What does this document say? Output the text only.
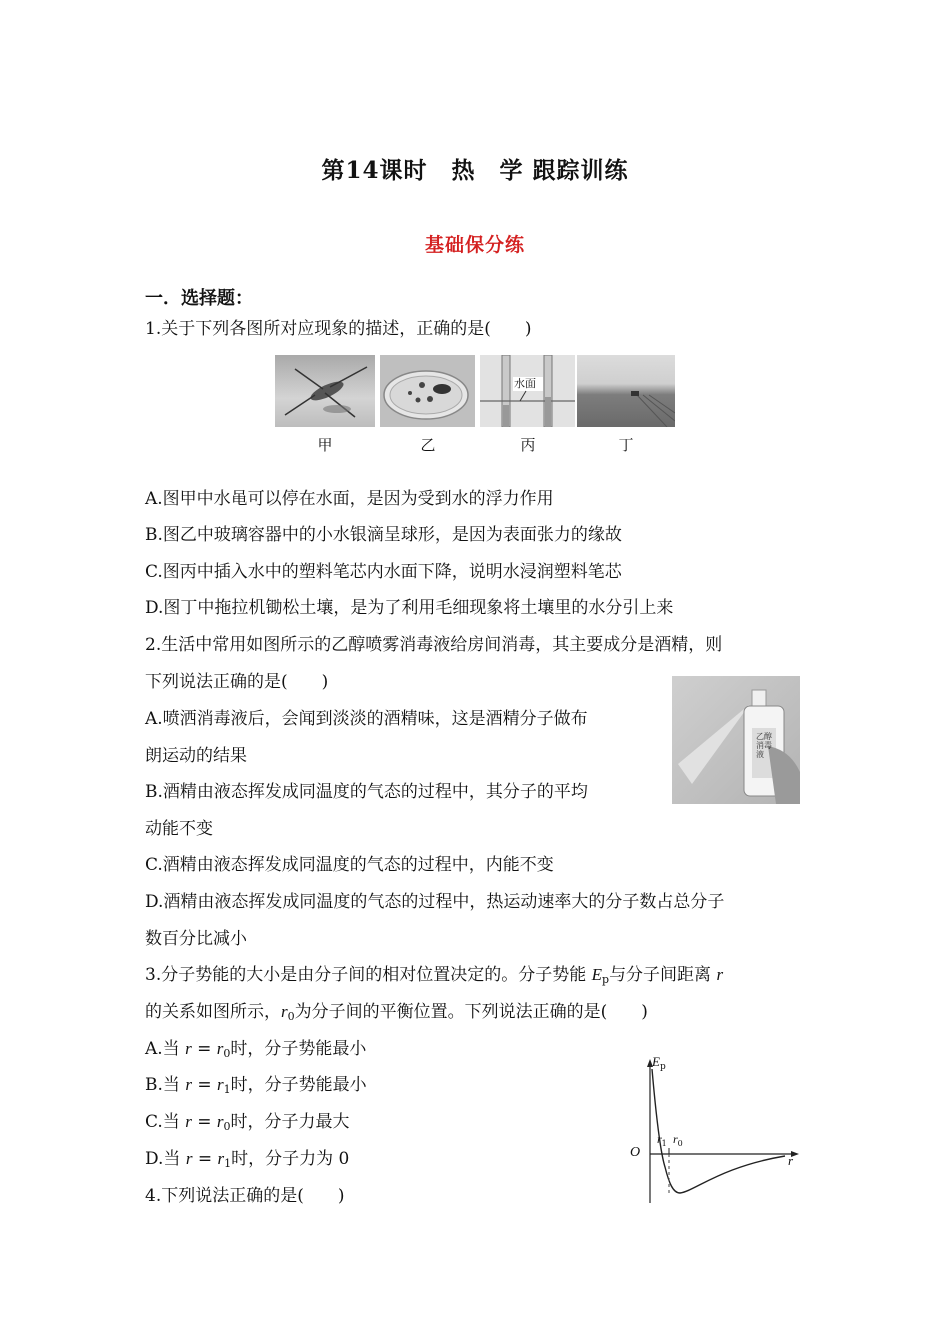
第14课时　热　学 跟踪训练
基础保分练
一．选择题：
1.关于下列各图所对应现象的描述，正确的是(　　)
水面
甲	乙	丙	丁
A.图甲中水黾可以停在水面，是因为受到水的浮力作用
B.图乙中玻璃容器中的小水银滴呈球形，是因为表面张力的缘故
C.图丙中插入水中的塑料笔芯内水面下降，说明水浸润塑料笔芯
D.图丁中拖拉机锄松土壤，是为了利用毛细现象将土壤里的水分引上来
2.生活中常用如图所示的乙醇喷雾消毒液给房间消毒，其主要成分是酒精，则
下列说法正确的是(　　)
乙醇消毒液
A.喷洒消毒液后，会闻到淡淡的酒精味，这是酒精分子做布
朗运动的结果
B.酒精由液态挥发成同温度的气态的过程中，其分子的平均
动能不变
C.酒精由液态挥发成同温度的气态的过程中，内能不变
D.酒精由液态挥发成同温度的气态的过程中，热运动速率大的分子数占总分子
数百分比减小
3.分子势能的大小是由分子间的相对位置决定的。分子势能 $E_p$与分子间距离 r
的关系如图所示，$r_0$为分子间的平衡位置。下列说法正确的是(　　)
A.当 $r = r_0$时，分子势能最小
B.当 $r = r_1$时，分子势能最小
C.当 $r = r_0$时，分子力最大
D.当 $r = r_1$时，分子力为 0
$E_p$
O
r
$r_1$ $r_0$
4.下列说法正确的是(　　)
